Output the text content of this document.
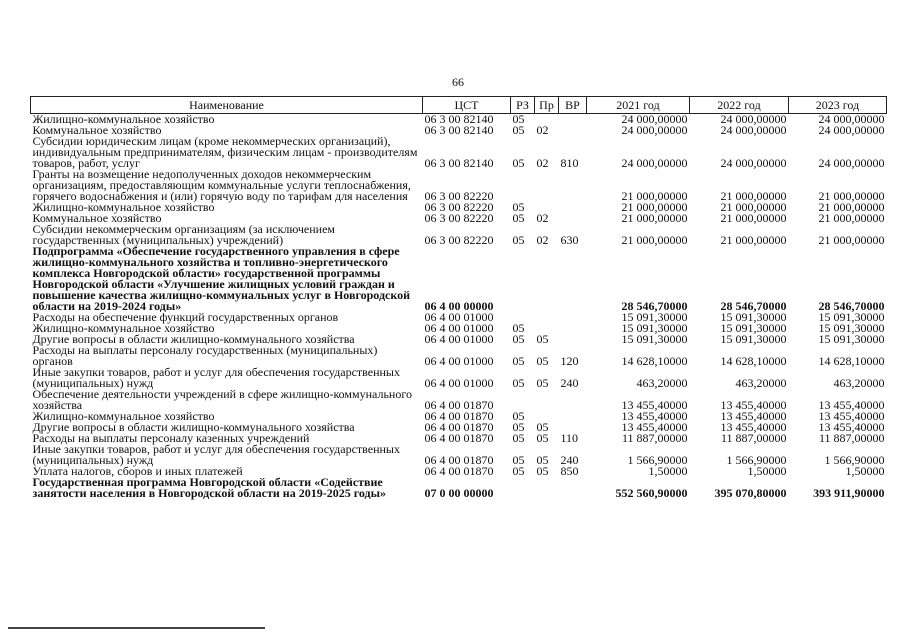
66
Наименование	ЦСТ	РЗ	Пр	ВР	2021 год	2022 год	2023 год
Жилищно-коммунальное хозяйство	06 3 00 82140	05			24 000,00000	24 000,00000	24 000,00000
Коммунальное хозяйство	06 3 00 82140	05	02		24 000,00000	24 000,00000	24 000,00000
Субсидии юридическим лицам (кроме некоммерческих организаций), индивидуальным предпринимателям, физическим лицам - производителям товаров, работ, услуг	06 3 00 82140	05	02	810	24 000,00000	24 000,00000	24 000,00000
Гранты на возмещение недополученных доходов некоммерческим организациям, предоставляющим коммунальные услуги теплоснабжения, горячего водоснабжения и (или) горячую воду по тарифам для населения	06 3 00 82220				21 000,00000	21 000,00000	21 000,00000
Жилищно-коммунальное хозяйство	06 3 00 82220	05			21 000,00000	21 000,00000	21 000,00000
Коммунальное хозяйство	06 3 00 82220	05	02		21 000,00000	21 000,00000	21 000,00000
Субсидии некоммерческим организациям (за исключением государственных (муниципальных) учреждений)	06 3 00 82220	05	02	630	21 000,00000	21 000,00000	21 000,00000
Подпрограмма «Обеспечение государственного управления в сфере жилищно-коммунального хозяйства и топливно-энергетического комплекса Новгородской области» государственной программы Новгородской области «Улучшение жилищных условий граждан и повышение качества жилищно-коммунальных услуг в Новгородской области на 2019-2024 годы»	06 4 00 00000				28 546,70000	28 546,70000	28 546,70000
Расходы на обеспечение функций государственных органов	06 4 00 01000				15 091,30000	15 091,30000	15 091,30000
Жилищно-коммунальное хозяйство	06 4 00 01000	05			15 091,30000	15 091,30000	15 091,30000
Другие вопросы в области жилищно-коммунального хозяйства	06 4 00 01000	05	05		15 091,30000	15 091,30000	15 091,30000
Расходы на выплаты персоналу государственных (муниципальных) органов	06 4 00 01000	05	05	120	14 628,10000	14 628,10000	14 628,10000
Иные закупки товаров, работ и услуг для обеспечения государственных (муниципальных) нужд	06 4 00 01000	05	05	240	463,20000	463,20000	463,20000
Обеспечение деятельности учреждений в сфере жилищно-коммунального хозяйства	06 4 00 01870				13 455,40000	13 455,40000	13 455,40000
Жилищно-коммунальное хозяйство	06 4 00 01870	05			13 455,40000	13 455,40000	13 455,40000
Другие вопросы в области жилищно-коммунального хозяйства	06 4 00 01870	05	05		13 455,40000	13 455,40000	13 455,40000
Расходы на выплаты персоналу казенных учреждений	06 4 00 01870	05	05	110	11 887,00000	11 887,00000	11 887,00000
Иные закупки товаров, работ и услуг для обеспечения государственных (муниципальных) нужд	06 4 00 01870	05	05	240	1 566,90000	1 566,90000	1 566,90000
Уплата налогов, сборов и иных платежей	06 4 00 01870	05	05	850	1,50000	1,50000	1,50000
Государственная программа Новгородской области «Содействие занятости населения в Новгородской области на 2019-2025 годы»	07 0 00 00000				552 560,90000	395 070,80000	393 911,90000
